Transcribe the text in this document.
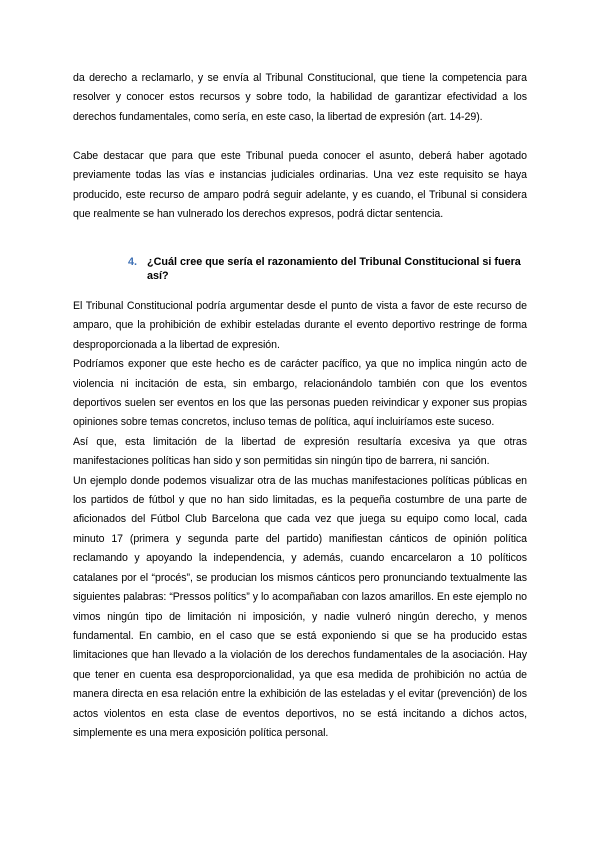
da derecho a reclamarlo, y se envía al Tribunal Constitucional, que tiene la competencia para resolver y conocer estos recursos y sobre todo, la habilidad de garantizar efectividad a los derechos fundamentales, como sería, en este caso, la libertad de expresión (art. 14-29).

Cabe destacar que para que este Tribunal pueda conocer el asunto, deberá haber agotado previamente todas las vías e instancias judiciales ordinarias. Una vez este requisito se haya producido, este recurso de amparo podrá seguir adelante, y es cuando, el Tribunal si considera que realmente se han vulnerado los derechos expresos, podrá dictar sentencia.

4. ¿Cuál cree que sería el razonamiento del Tribunal Constitucional si fuera así?

El Tribunal Constitucional podría argumentar desde el punto de vista a favor de este recurso de amparo, que la prohibición de exhibir esteladas durante el evento deportivo restringe de forma desproporcionada a la libertad de expresión.

Podríamos exponer que este hecho es de carácter pacífico, ya que no implica ningún acto de violencia ni incitación de esta, sin embargo, relacionándolo también con que los eventos deportivos suelen ser eventos en los que las personas pueden reivindicar y exponer sus propias opiniones sobre temas concretos, incluso temas de política, aquí incluiríamos este suceso.

Así que, esta limitación de la libertad de expresión resultaría excesiva ya que otras manifestaciones políticas han sido y son permitidas sin ningún tipo de barrera, ni sanción.

Un ejemplo donde podemos visualizar otra de las muchas manifestaciones políticas públicas en los partidos de fútbol y que no han sido limitadas, es la pequeña costumbre de una parte de aficionados del Fútbol Club Barcelona que cada vez que juega su equipo como local, cada minuto 17 (primera y segunda parte del partido) manifiestan cánticos de opinión política reclamando y apoyando la independencia, y además, cuando encarcelaron a 10 políticos catalanes por el “procés”, se producian los mismos cánticos pero pronunciando textualmente las siguientes palabras: “Pressos polítics” y lo acompañaban con lazos amarillos. En este ejemplo no vimos ningún tipo de limitación ni imposición, y nadie vulneró ningún derecho, y menos fundamental. En cambio, en el caso que se está exponiendo si que se ha producido estas limitaciones que han llevado a la violación de los derechos fundamentales de la asociación. Hay que tener en cuenta esa desproporcionalidad, ya que esa medida de prohibición no actúa de manera directa en esa relación entre la exhibición de las esteladas y el evitar (prevención) de los actos violentos en esta clase de eventos deportivos, no se está incitando a dichos actos, simplemente es una mera exposición política personal.
